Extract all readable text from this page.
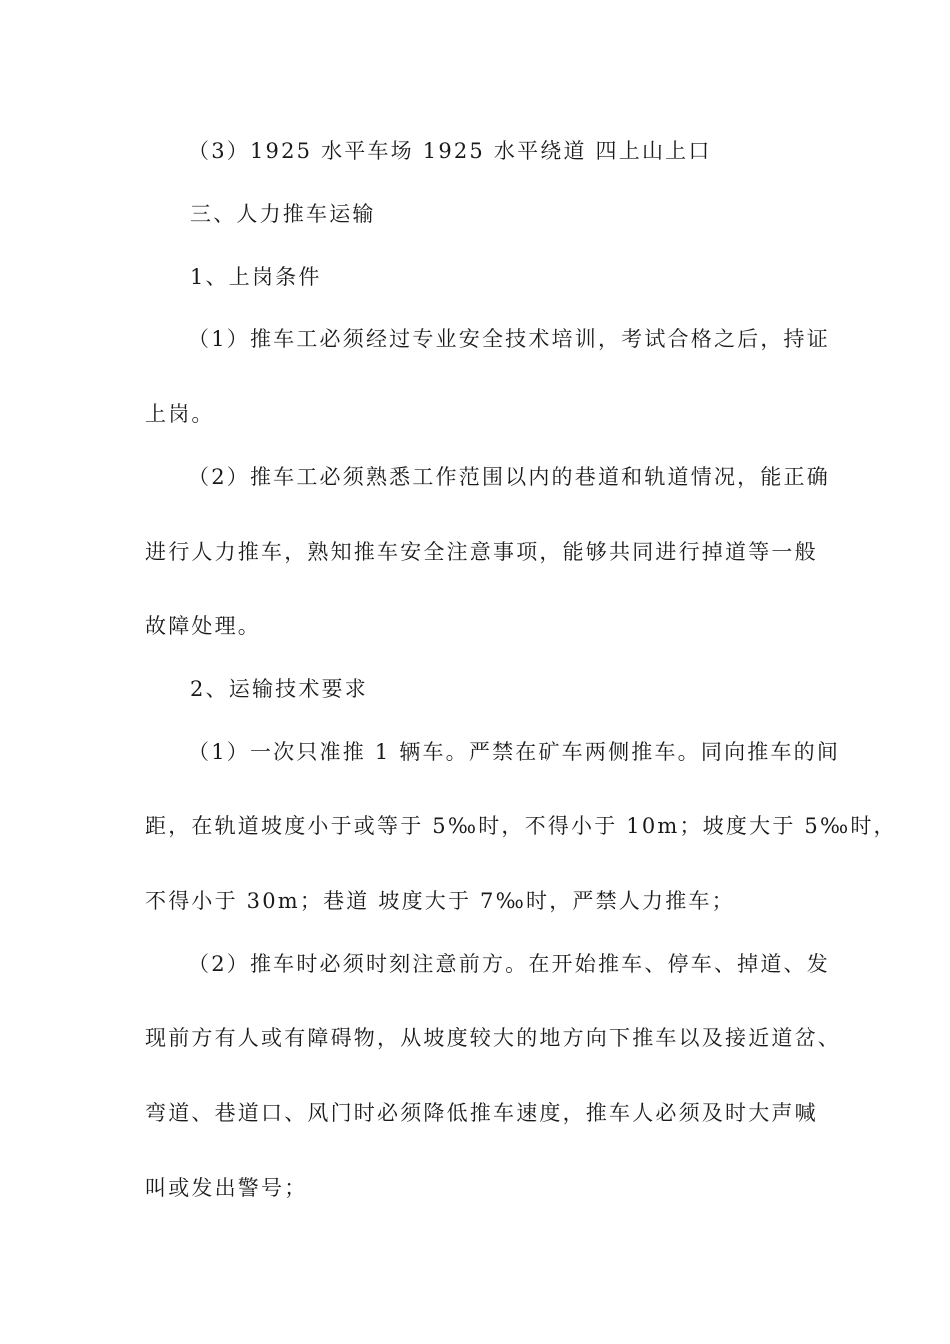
（3）1925 水平车场 1925 水平绕道 四上山上口
三、人力推车运输
1、上岗条件
（1）推车工必须经过专业安全技术培训，考试合格之后，持证
上岗。
（2）推车工必须熟悉工作范围以内的巷道和轨道情况，能正确
进行人力推车，熟知推车安全注意事项，能够共同进行掉道等一般
故障处理。
2、运输技术要求
（1）一次只准推 1 辆车。严禁在矿车两侧推车。同向推车的间
距，在轨道坡度小于或等于 5‰时，不得小于 10m；坡度大于 5‰时，
不得小于 30m；巷道 坡度大于 7‰时，严禁人力推车；
（2）推车时必须时刻注意前方。在开始推车、停车、掉道、发
现前方有人或有障碍物，从坡度较大的地方向下推车以及接近道岔、
弯道、巷道口、风门时必须降低推车速度，推车人必须及时大声喊
叫或发出警号；
